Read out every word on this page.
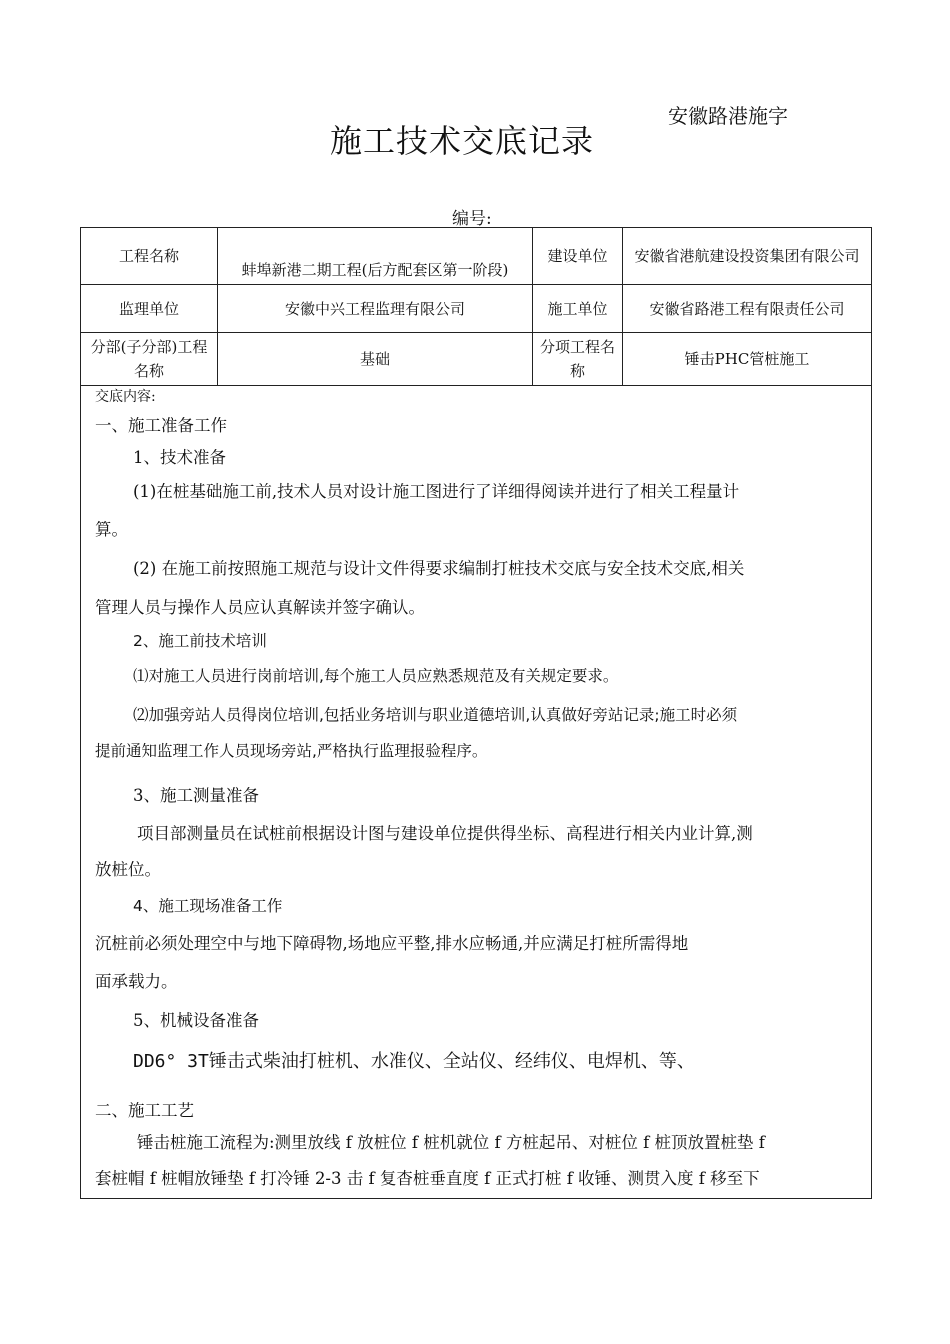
安徽路港施字
施工技术交底记录
编号:
工程名称	蚌埠新港二期工程(后方配套区第一阶段)	建设单位	安徽省港航建设投资集团有限公司
监理单位	安徽中兴工程监理有限公司	施工单位	安徽省路港工程有限责任公司
分部(子分部)工程名称	基础	分项工程名称	锤击PHC管桩施工
交底内容:
一、施工准备工作
1、技术准备
(1)在桩基础施工前,技术人员对设计施工图进行了详细得阅读并进行了相关工程量计
算。
(2) 在施工前按照施工规范与设计文件得要求编制打桩技术交底与安全技术交底,相关
管理人员与操作人员应认真解读并签字确认。
2、施工前技术培训
⑴对施工人员进行岗前培训,每个施工人员应熟悉规范及有关规定要求。
⑵加强旁站人员得岗位培训,包括业务培训与职业道德培训,认真做好旁站记录;施工时必须
提前通知监理工作人员现场旁站,严格执行监理报验程序。
3、施工测量准备
项目部测量员在试桩前根据设计图与建设单位提供得坐标、高程进行相关内业计算,测
放桩位。
4、施工现场准备工作
沉桩前必须处理空中与地下障碍物,场地应平整,排水应畅通,并应满足打桩所需得地
面承载力。
5、机械设备准备
DD6° 3T锤击式柴油打桩机、水准仪、全站仪、经纬仪、电焊机、等、
二、施工工艺
锤击桩施工流程为:测里放线 f 放桩位 f 桩机就位 f 方桩起吊、对桩位 f 桩顶放置桩垫 f
套桩帽 f 桩帽放锤垫 f 打冷锤 2-3 击 f 复杳桩垂直度 f 正式打桩 f 收锤、测贯入度 f 移至下
